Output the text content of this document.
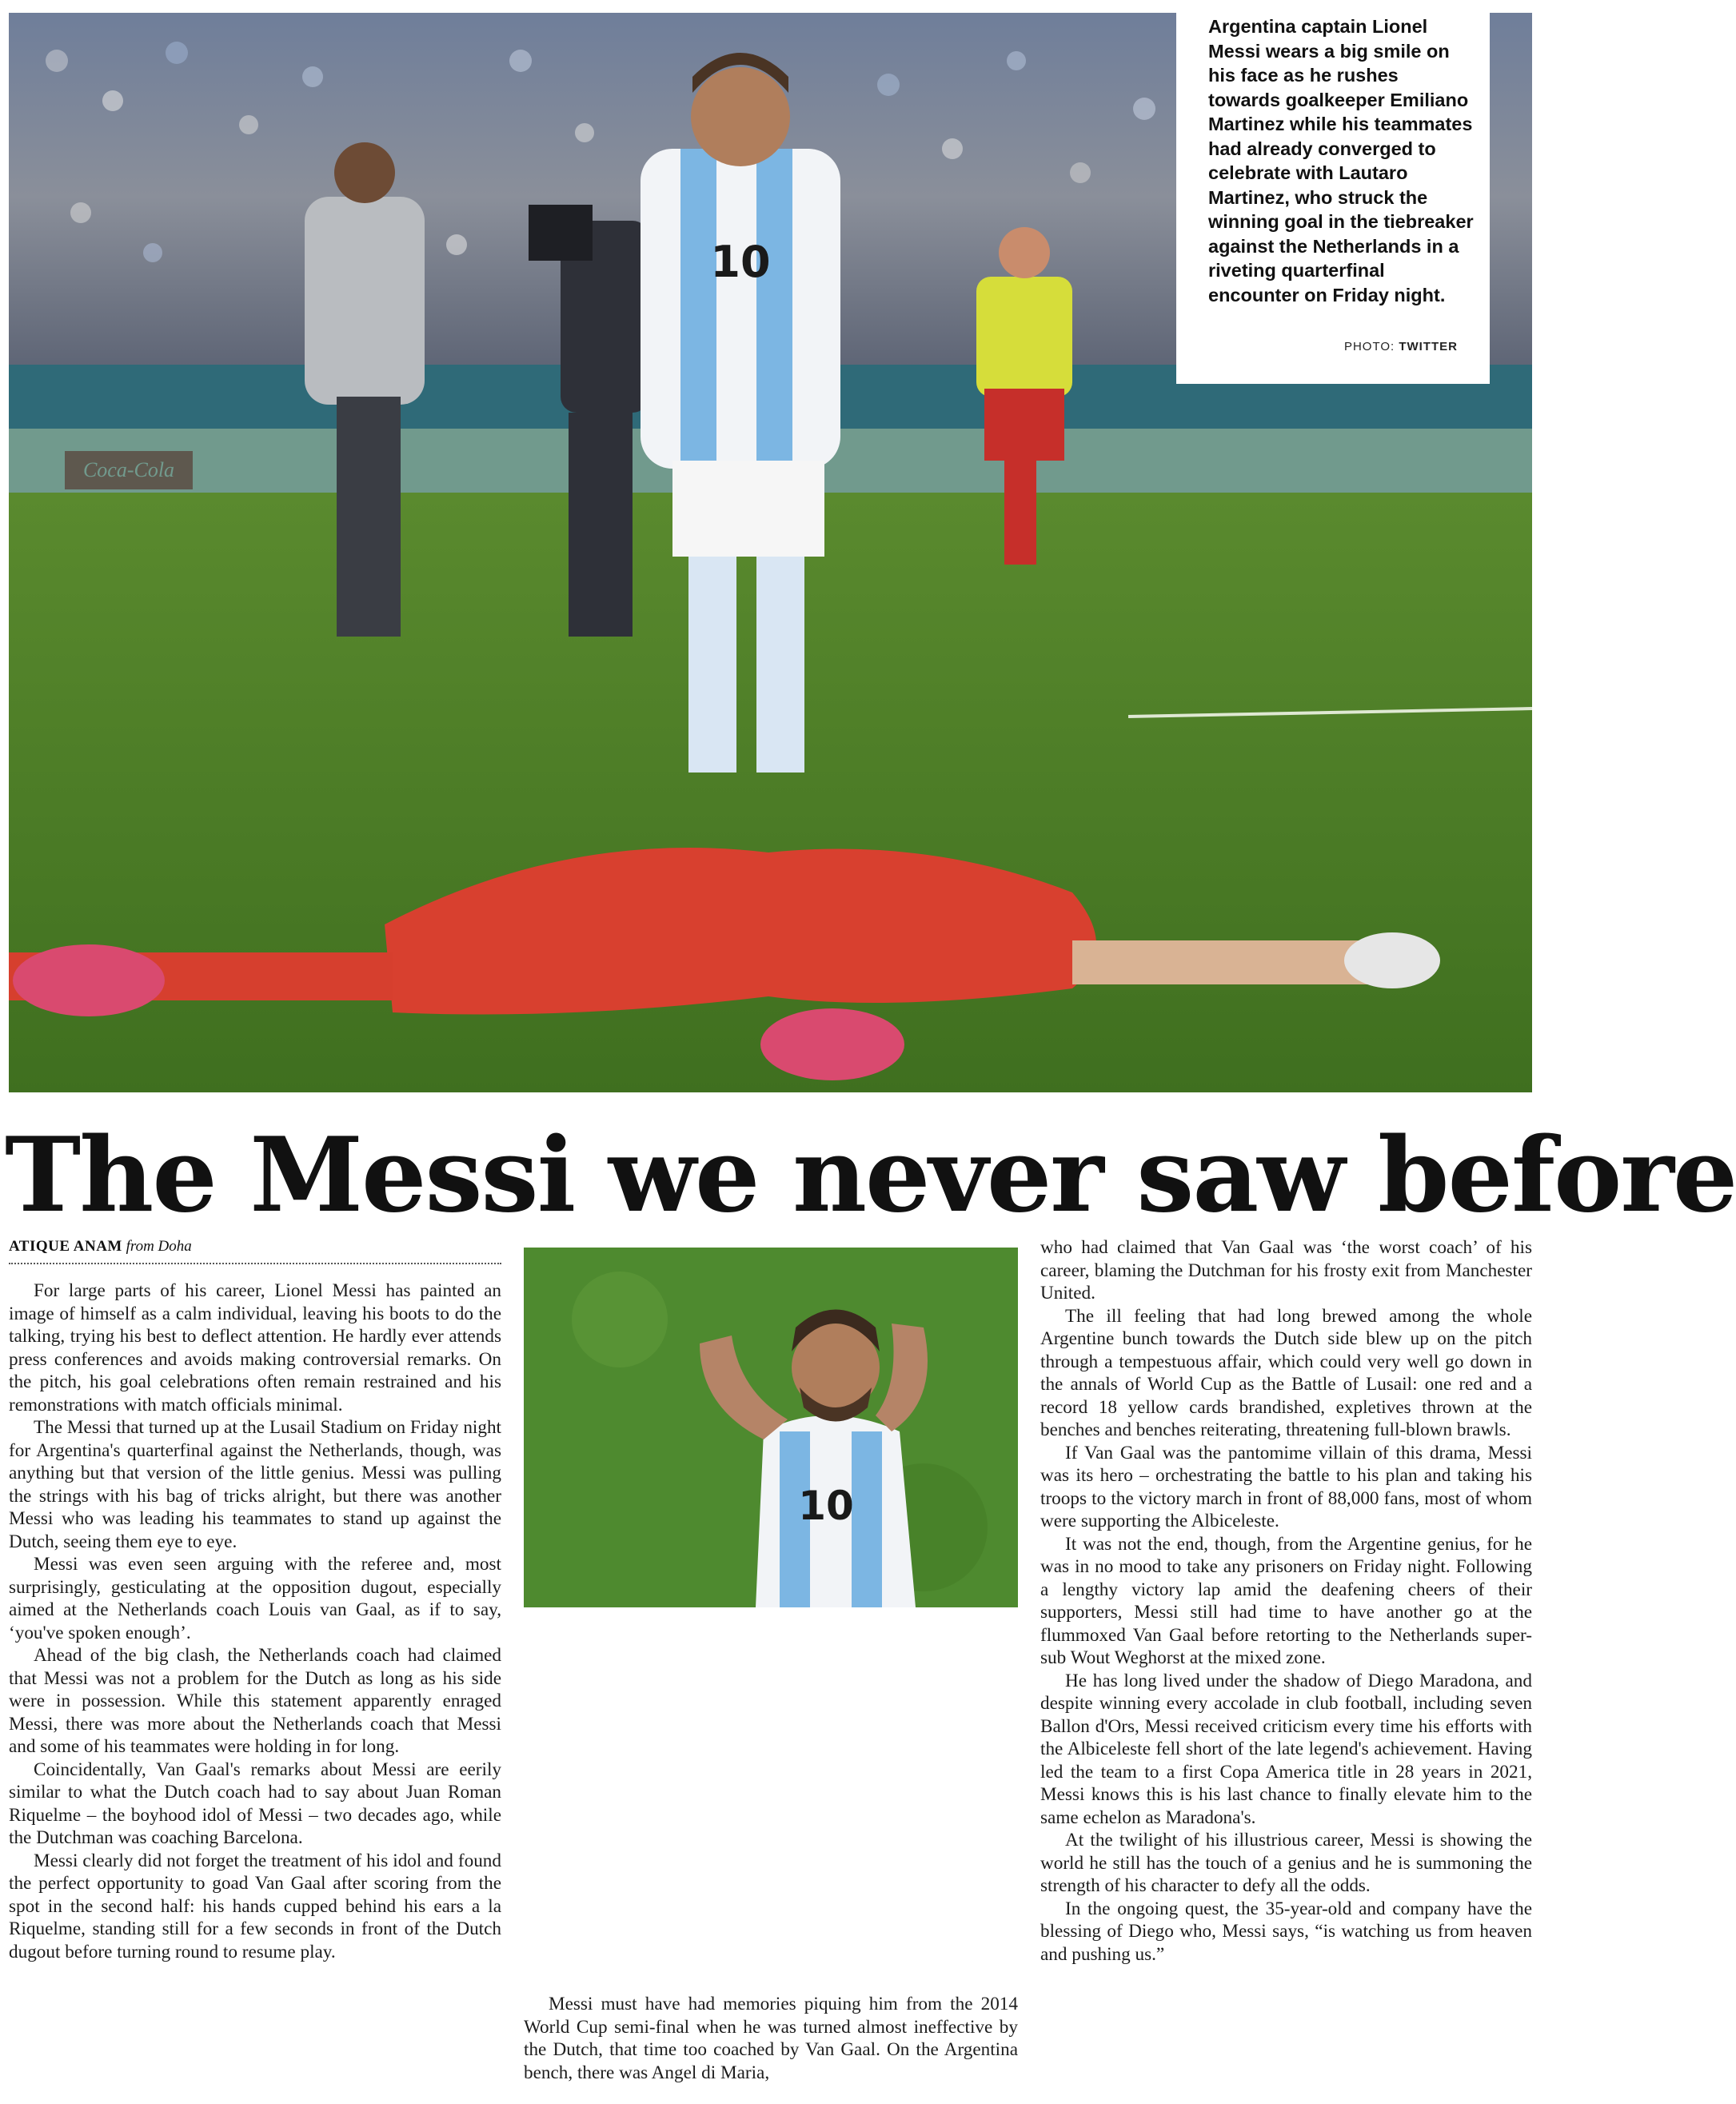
10

Argentina captain Lionel Messi wears a big smile on his face as he rushes towards goalkeeper Emiliano Martinez while his teammates had already converged to celebrate with Lautaro Martinez, who struck the winning goal in the tiebreaker against the Netherlands in a riveting quarterfinal encounter on Friday night.

PHOTO: TWITTER
The Messi we never saw before
ATIQUE ANAM from Doha
10

For large parts of his career, Lionel Messi has painted an image of himself as a calm individual, leaving his boots to do the talking, trying his best to deflect attention. He hardly ever attends press conferences and avoids making controversial remarks. On the pitch, his goal celebrations often remain restrained and his remonstrations with match officials minimal.

The Messi that turned up at the Lusail Stadium on Friday night for Argentina's quarterfinal against the Netherlands, though, was anything but that version of the little genius. Messi was pulling the strings with his bag of tricks alright, but there was another Messi who was leading his teammates to stand up against the Dutch, seeing them eye to eye.

Messi was even seen arguing with the referee and, most surprisingly, gesticulating at the opposition dugout, especially aimed at the Netherlands coach Louis van Gaal, as if to say, ‘you've spoken enough’.

Ahead of the big clash, the Netherlands coach had claimed that Messi was not a problem for the Dutch as long as his side were in possession. While this statement apparently enraged Messi, there was more about the Netherlands coach that Messi and some of his teammates were holding in for long.

Coincidentally, Van Gaal's remarks about Messi are eerily similar to what the Dutch coach had to say about Juan Roman Riquelme – the boyhood idol of Messi – two decades ago, while the Dutchman was coaching Barcelona.

Messi clearly did not forget the treatment of his idol and found the perfect opportunity to goad Van Gaal after scoring from the spot in the second half: his hands cupped behind his ears a la Riquelme, standing still for a few seconds in front of the Dutch dugout before turning round to resume play.

Messi must have had memories piquing him from the 2014 World Cup semi-final when he was turned almost ineffective by the Dutch, that time too coached by Van Gaal. On the Argentina bench, there was Angel di Maria,

who had claimed that Van Gaal was ‘the worst coach’ of his career, blaming the Dutchman for his frosty exit from Manchester United.

The ill feeling that had long brewed among the whole Argentine bunch towards the Dutch side blew up on the pitch through a tempestuous affair, which could very well go down in the annals of World Cup as the Battle of Lusail: one red and a record 18 yellow cards brandished, expletives thrown at the benches and benches reiterating, threatening full-blown brawls.

If Van Gaal was the pantomime villain of this drama, Messi was its hero – orchestrating the battle to his plan and taking his troops to the victory march in front of 88,000 fans, most of whom were supporting the Albiceleste.

It was not the end, though, from the Argentine genius, for he was in no mood to take any prisoners on Friday night. Following a lengthy victory lap amid the deafening cheers of their supporters, Messi still had time to have another go at the flummoxed Van Gaal before retorting to the Netherlands super-sub Wout Weghorst at the mixed zone.

He has long lived under the shadow of Diego Maradona, and despite winning every accolade in club football, including seven Ballon d'Ors, Messi received criticism every time his efforts with the Albiceleste fell short of the late legend's achievement. Having led the team to a first Copa America title in 28 years in 2021, Messi knows this is his last chance to finally elevate him to the same echelon as Maradona's.

At the twilight of his illustrious career, Messi is showing the world he still has the touch of a genius and he is summoning the strength of his character to defy all the odds.

In the ongoing quest, the 35-year-old and company have the blessing of Diego who, Messi says, “is watching us from heaven and pushing us.”
